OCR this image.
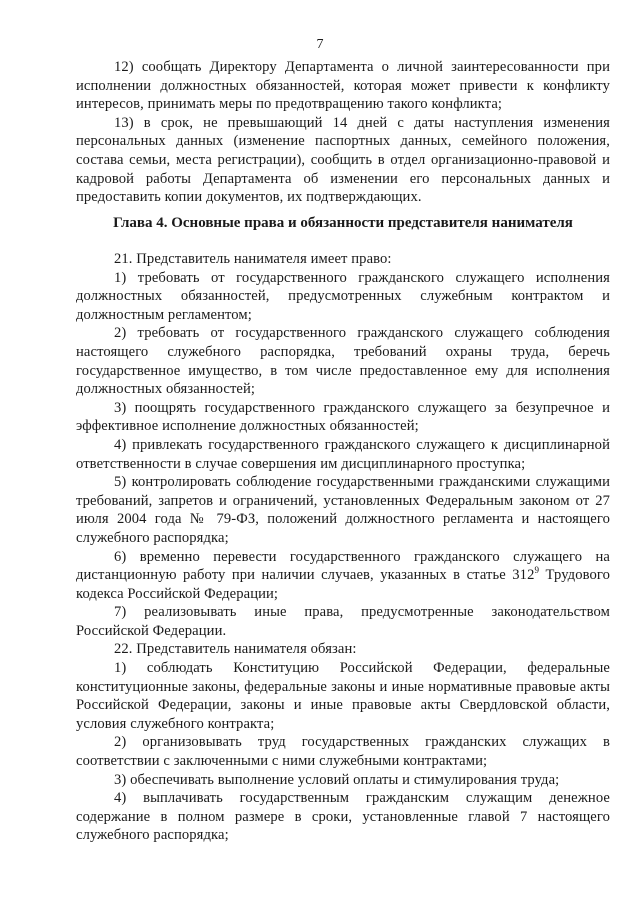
7

12) сообщать Директору Департамента о личной заинтересованности при исполнении должностных обязанностей, которая может привести к конфликту интересов, принимать меры по предотвращению такого конфликта;

13) в срок, не превышающий 14 дней с даты наступления изменения персональных данных (изменение паспортных данных, семейного положения, состава семьи, места регистрации), сообщить в отдел организационно-правовой и кадровой работы Департамента об изменении его персональных данных и предоставить копии документов, их подтверждающих.

Глава 4. Основные права и обязанности представителя нанимателя

21. Представитель нанимателя имеет право:

1) требовать от государственного гражданского служащего исполнения должностных обязанностей, предусмотренных служебным контрактом и должностным регламентом;

2) требовать от государственного гражданского служащего соблюдения настоящего служебного распорядка, требований охраны труда, беречь государственное имущество, в том числе предоставленное ему для исполнения должностных обязанностей;

3) поощрять государственного гражданского служащего за безупречное и эффективное исполнение должностных обязанностей;

4) привлекать государственного гражданского служащего к дисциплинарной ответственности в случае совершения им дисциплинарного проступка;

5) контролировать соблюдение государственными гражданскими служащими требований, запретов и ограничений, установленных Федеральным законом от 27 июля 2004 года № 79-ФЗ, положений должностного регламента и настоящего служебного распорядка;

6) временно перевести государственного гражданского служащего на дистанционную работу при наличии случаев, указанных в статье $312^9$ Трудового кодекса Российской Федерации;

7) реализовывать иные права, предусмотренные законодательством Российской Федерации.

22. Представитель нанимателя обязан:

1) соблюдать Конституцию Российской Федерации, федеральные конституционные законы, федеральные законы и иные нормативные правовые акты Российской Федерации, законы и иные правовые акты Свердловской области, условия служебного контракта;

2) организовывать труд государственных гражданских служащих в соответствии с заключенными с ними служебными контрактами;

3) обеспечивать выполнение условий оплаты и стимулирования труда;

4) выплачивать государственным гражданским служащим денежное содержание в полном размере в сроки, установленные главой 7 настоящего служебного распорядка;
